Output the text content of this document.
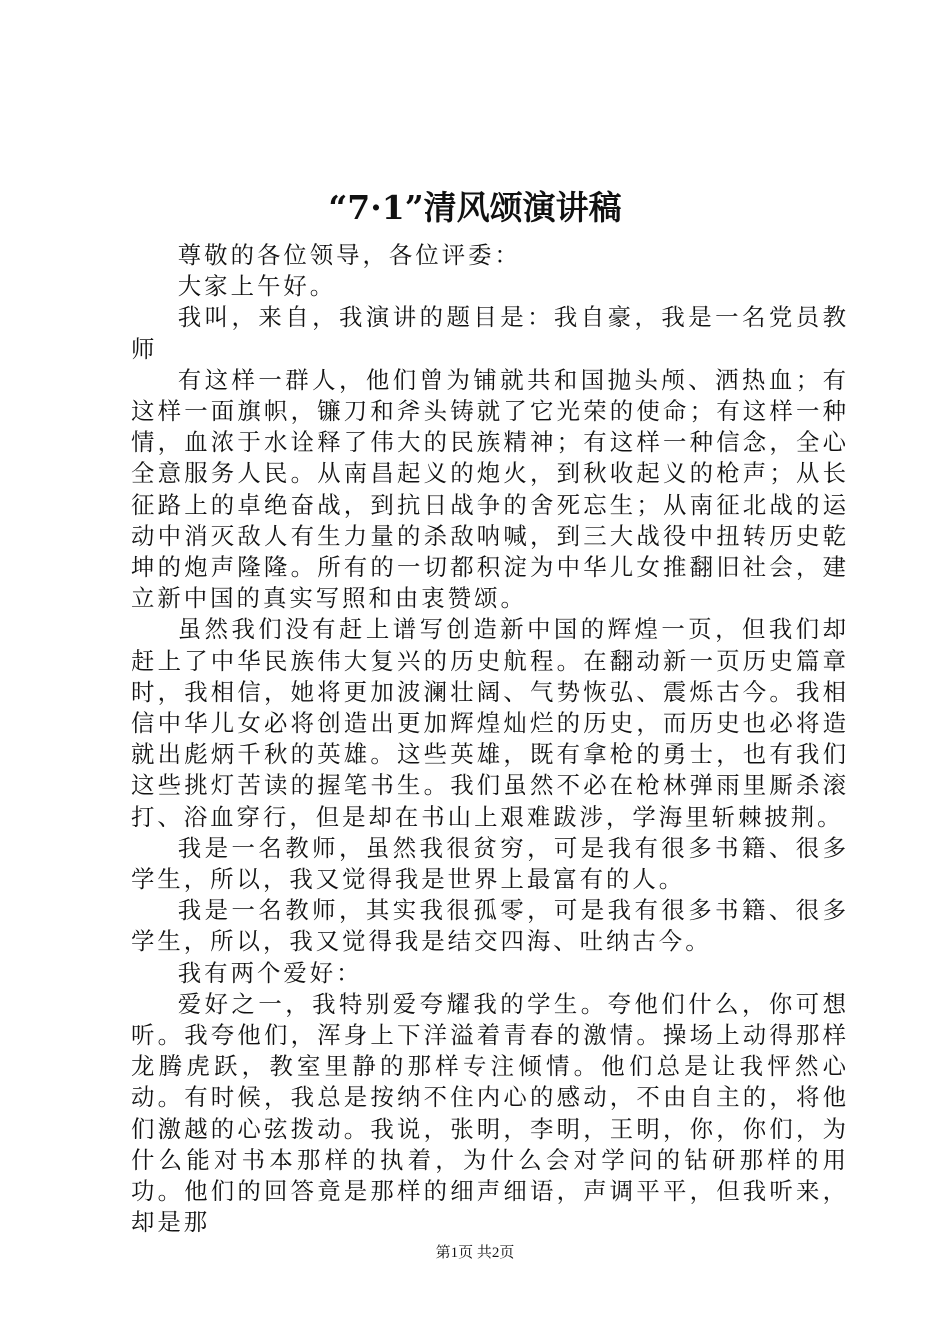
“7·1”清风颂演讲稿

尊敬的各位领导，各位评委：

大家上午好。

我叫，来自，我演讲的题目是：我自豪，我是一名党员教师

有这样一群人，他们曾为铺就共和国抛头颅、洒热血；有这样一面旗帜，镰刀和斧头铸就了它光荣的使命；有这样一种情，血浓于水诠释了伟大的民族精神；有这样一种信念，全心全意服务人民。从南昌起义的炮火，到秋收起义的枪声；从长征路上的卓绝奋战，到抗日战争的舍死忘生；从南征北战的运动中消灭敌人有生力量的杀敌呐喊，到三大战役中扭转历史乾坤的炮声隆隆。所有的一切都积淀为中华儿女推翻旧社会，建立新中国的真实写照和由衷赞颂。

虽然我们没有赶上谱写创造新中国的辉煌一页，但我们却赶上了中华民族伟大复兴的历史航程。在翻动新一页历史篇章时，我相信，她将更加波澜壮阔、气势恢弘、震烁古今。我相信中华儿女必将创造出更加辉煌灿烂的历史，而历史也必将造就出彪炳千秋的英雄。这些英雄，既有拿枪的勇士，也有我们这些挑灯苦读的握笔书生。我们虽然不必在枪林弹雨里厮杀滚打、浴血穿行，但是却在书山上艰难跋涉，学海里斩棘披荆。

我是一名教师，虽然我很贫穷，可是我有很多书籍、很多学生，所以，我又觉得我是世界上最富有的人。

我是一名教师，其实我很孤零，可是我有很多书籍、很多学生，所以，我又觉得我是结交四海、吐纳古今。

我有两个爱好：

爱好之一，我特别爱夸耀我的学生。夸他们什么，你可想听。我夸他们，浑身上下洋溢着青春的激情。操场上动得那样龙腾虎跃，教室里静的那样专注倾情。他们总是让我怦然心动。有时候，我总是按纳不住内心的感动，不由自主的，将他们激越的心弦拨动。我说，张明，李明，王明，你，你们，为什么能对书本那样的执着，为什么会对学问的钻研那样的用功。他们的回答竟是那样的细声细语，声调平平，但我听来，却是那

第1页 共2页
